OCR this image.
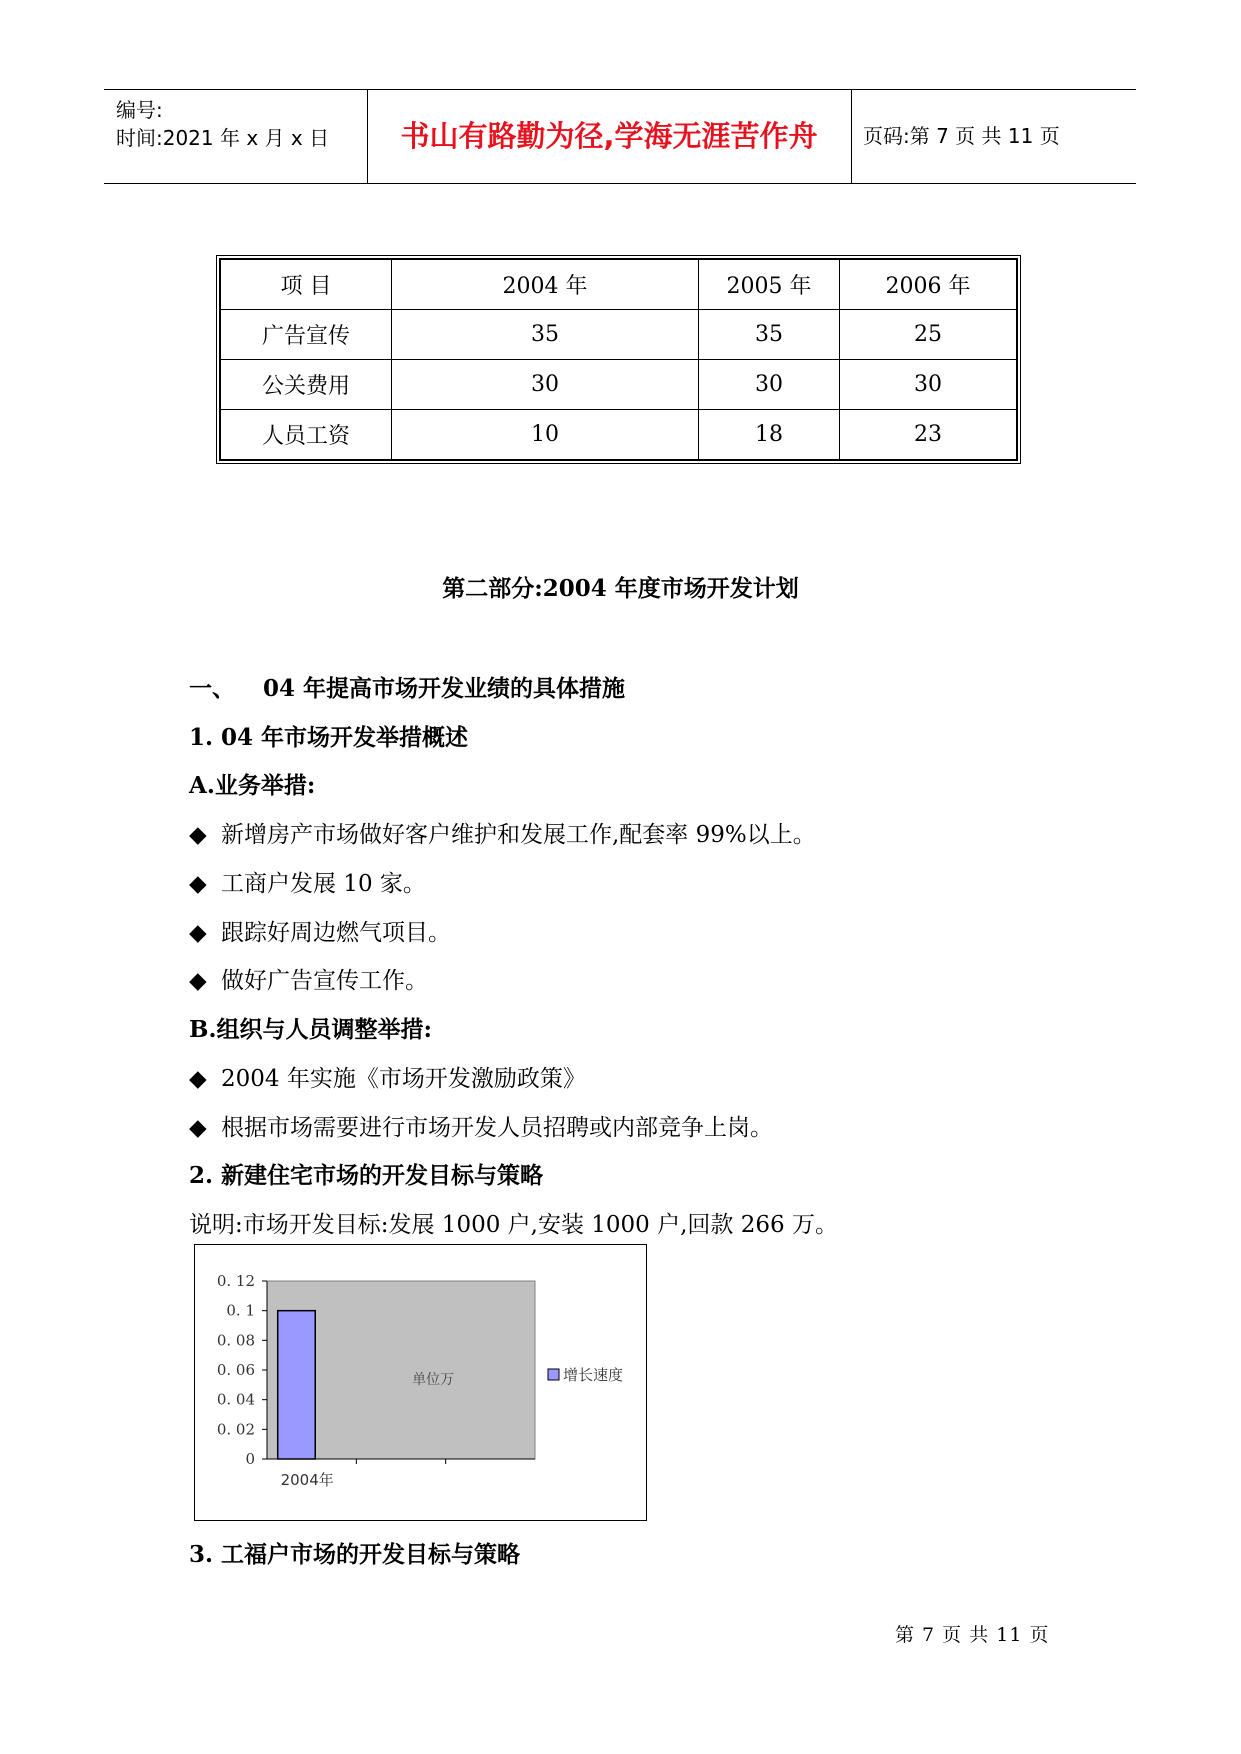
编号:
时间:2021 年 x 月 x 日	书山有路勤为径,学海无涯苦作舟	页码:第 7 页 共 11 页
项 目	2004 年	2005 年	2006 年
广告宣传	35	35	25
公关费用	30	30	30
人员工资	10	18	23
第二部分:2004 年度市场开发计划
一、 04 年提高市场开发业绩的具体措施
1. 04 年市场开发举措概述
A.业务举措:
◆ 新增房产市场做好客户维护和发展工作,配套率 99%以上。
◆ 工商户发展 10 家。
◆ 跟踪好周边燃气项目。
◆ 做好广告宣传工作。
B.组织与人员调整举措:
◆ 2004 年实施《市场开发激励政策》
◆ 根据市场需要进行市场开发人员招聘或内部竞争上岗。
2. 新建住宅市场的开发目标与策略
说明:市场开发目标:发展 1000 户,安装 1000 户,回款 266 万。
0
0. 02
0. 04
0. 06
0. 08
0. 1
0. 12
2004年
单位万	增长速度
3. 工福户市场的开发目标与策略
第 7 页 共 11 页
